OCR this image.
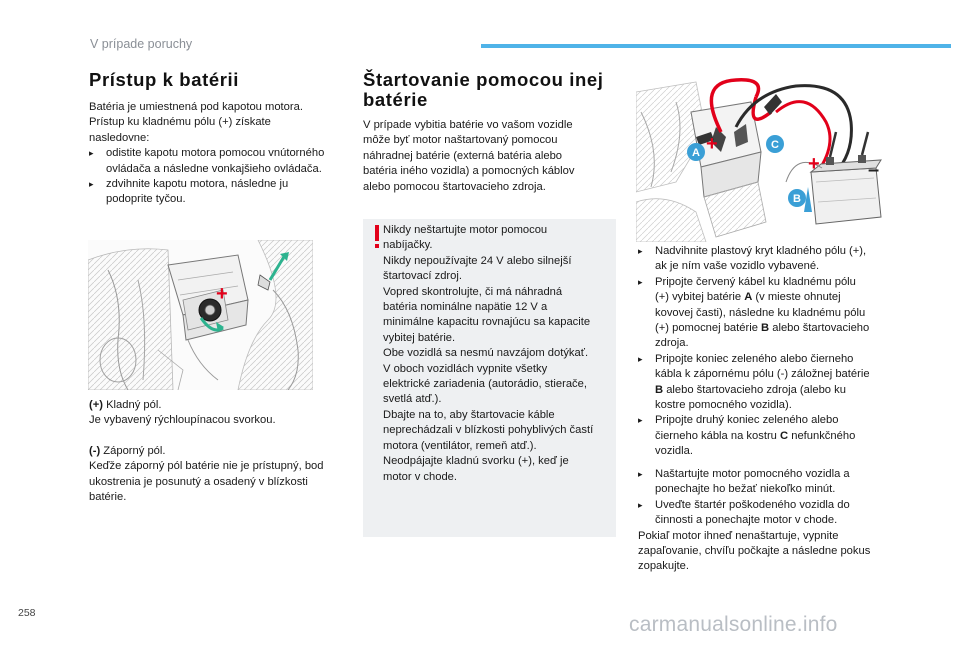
V prípade poruchy
Prístup k batérii
Batéria je umiestnená pod kapotou motora.
Prístup ku kladnému pólu (+) získate
nasledovne:
▸ odistite kapotu motora pomocou vnútorného
ovládača a následne vonkajšieho ovládača.
▸ zdvihnite kapotu motora, následne ju
podoprite tyčou.
+
(+) Kladný pól.
Je vybavený rýchloupínacou svorkou.
(-) Záporný pól.
Keďže záporný pól batérie nie je prístupný, bod
ukostrenia je posunutý a osadený v blízkosti
batérie.
Štartovanie pomocou inej
batérie
V prípade vybitia batérie vo vašom vozidle
môže byť motor naštartovaný pomocou
náhradnej batérie (externá batéria alebo
batéria iného vozidla) a pomocných káblov
alebo pomocou štartovacieho zdroja.
Nikdy neštartujte motor pomocou
nabíjačky.
Nikdy nepoužívajte 24 V alebo silnejší
štartovací zdroj.
Vopred skontrolujte, či má náhradná
batéria nominálne napätie 12 V a
minimálne kapacitu rovnajúcu sa kapacite
vybitej batérie.
Obe vozidlá sa nesmú navzájom dotýkať.
V oboch vozidlách vypnite všetky
elektrické zariadenia (autorádio, stierače,
svetlá atď.).
Dbajte na to, aby štartovacie káble
neprechádzali v blízkosti pohyblivých častí
motora (ventilátor, remeň atď.).
Neodpájajte kladnú svorku (+), keď je
motor v chode.
A
C
B
+
+ –
▸ Nadvihnite plastový kryt kladného pólu (+),
ak je ním vaše vozidlo vybavené.
▸ Pripojte červený kábel ku kladnému pólu
(+) vybitej batérie A (v mieste ohnutej
kovovej časti), následne ku kladnému pólu
(+) pomocnej batérie B alebo štartovacieho
zdroja.
▸ Pripojte koniec zeleného alebo čierneho
kábla k zápornému pólu (-) záložnej batérie
B alebo štartovacieho zdroja (alebo ku
kostre pomocného vozidla).
▸ Pripojte druhý koniec zeleného alebo
čierneho kábla na kostru C nefunkčného
vozidla.
▸ Naštartujte motor pomocného vozidla a
ponechajte ho bežať niekoľko minút.
▸ Uveďte štartér poškodeného vozidla do
činnosti a ponechajte motor v chode.
Pokiaľ motor ihneď nenaštartuje, vypnite
zapaľovanie, chvíľu počkajte a následne pokus
zopakujte.
258	carmanualsonline.info
